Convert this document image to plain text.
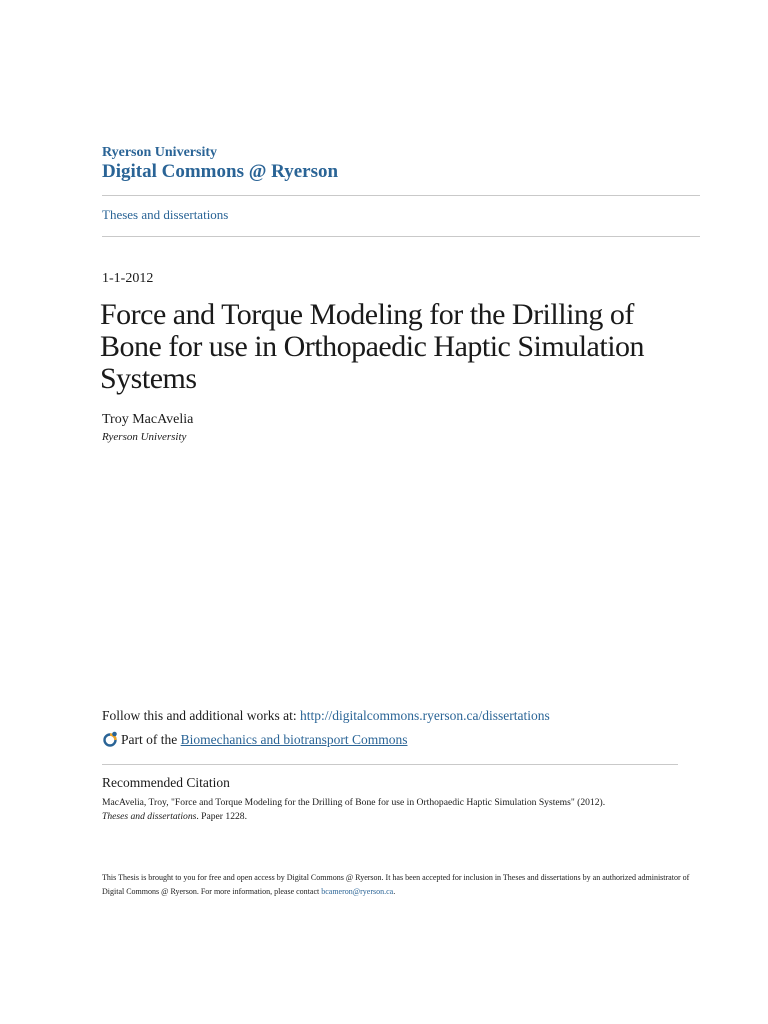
Ryerson University
Digital Commons @ Ryerson
Theses and dissertations
1-1-2012
Force and Torque Modeling for the Drilling of Bone for use in Orthopaedic Haptic Simulation Systems
Troy MacAvelia
Ryerson University
Follow this and additional works at: http://digitalcommons.ryerson.ca/dissertations
Part of the Biomechanics and biotransport Commons
Recommended Citation
MacAvelia, Troy, "Force and Torque Modeling for the Drilling of Bone for use in Orthopaedic Haptic Simulation Systems" (2012).
Theses and dissertations. Paper 1228.
This Thesis is brought to you for free and open access by Digital Commons @ Ryerson. It has been accepted for inclusion in Theses and dissertations by an authorized administrator of Digital Commons @ Ryerson. For more information, please contact bcameron@ryerson.ca.
